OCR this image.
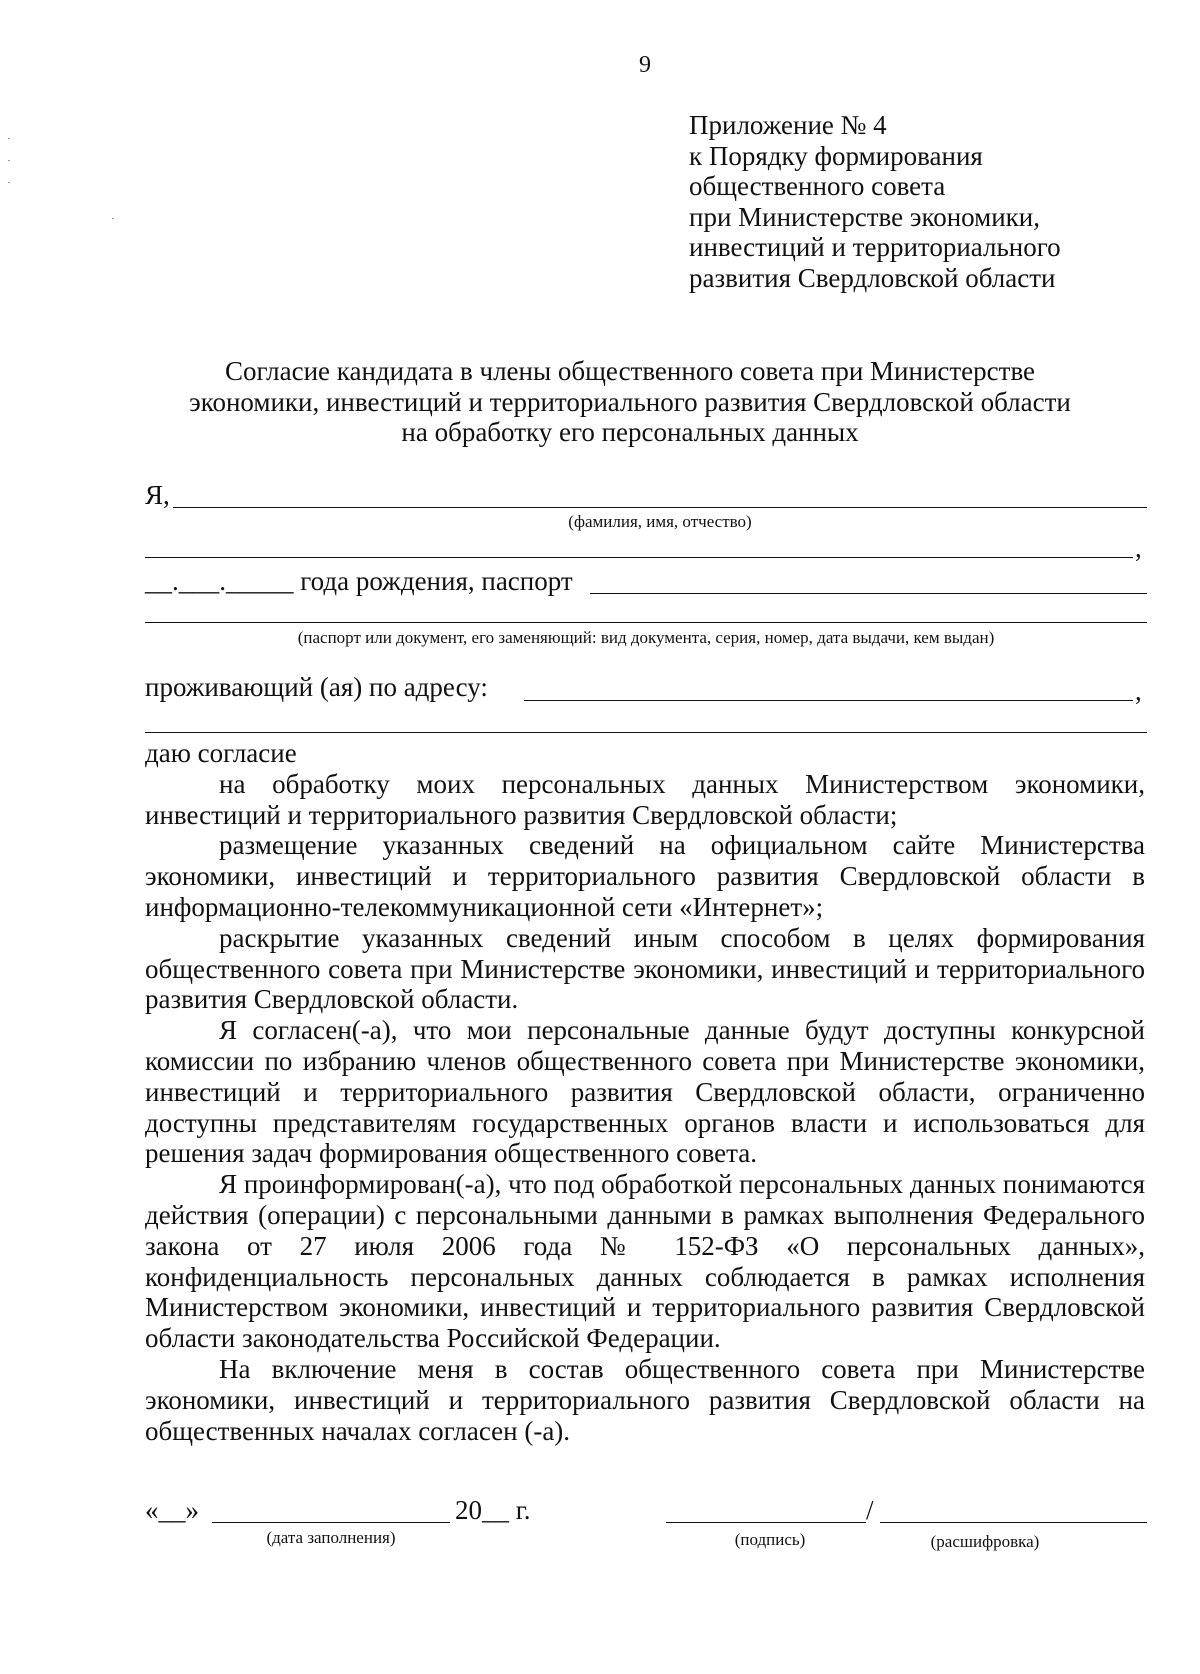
9
Приложение № 4
к Порядку формирования
общественного совета
при Министерстве экономики,
инвестиций и территориального
развития Свердловской области
Согласие кандидата в члены общественного совета при Министерстве
экономики, инвестиций и территориального развития Свердловской области
на обработку его персональных данных
Я,
(фамилия, имя, отчество)
,
__.___._____ года рождения, паспорт
(паспорт или документ, его заменяющий: вид документа, серия, номер, дата выдачи, кем выдан)
проживающий (ая) по адресу:	,

даю согласие

на обработку моих персональных данных Министерством экономики, инвестиций и территориального развития Свердловской области;

размещение указанных сведений на официальном сайте Министерства экономики, инвестиций и территориального развития Свердловской области в информационно-телекоммуникационной сети «Интернет»;

раскрытие указанных сведений иным способом в целях формирования общественного совета при Министерстве экономики, инвестиций и территориального развития Свердловской области.

Я согласен(-а), что мои персональные данные будут доступны конкурсной комиссии по избранию членов общественного совета при Министерстве экономики, инвестиций и территориального развития Свердловской области, ограниченно доступны представителям государственных органов власти и использоваться для решения задач формирования общественного совета.

Я проинформирован(-а), что под обработкой персональных данных понимаются действия (операции) с персональными данными в рамках выполнения Федерального закона от 27 июля 2006 года № 152-ФЗ «О персональных данных», конфиденциальность персональных данных соблюдается в рамках исполнения Министерством экономики, инвестиций и территориального развития Свердловской области законодательства Российской Федерации.

На включение меня в состав общественного совета при Министерстве экономики, инвестиций и территориального развития Свердловской области на общественных началах согласен (-а).

«__»	20__ г.
(дата заполнения)
/
(подпись)	(расшифровка)
